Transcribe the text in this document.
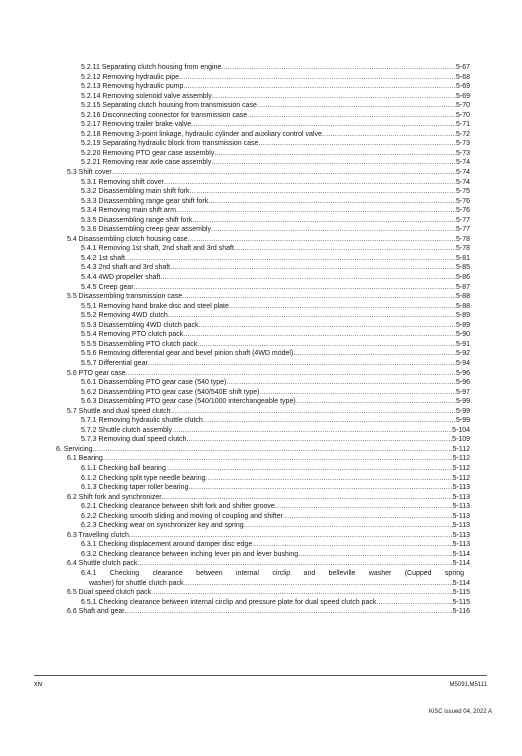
5.2.11 Separating clutch housing from engine .....	5-67
5.2.12 Removing hydraulic pipe .....	5-68
5.2.13 Removing hydraulic pump .....	5-69
5.2.14 Removing solenoid valve assembly .....	5-69
5.2.15 Separating clutch housing from transmission case .....	5-70
5.2.16 Disconnecting connector for transmission case .....	5-70
5.2.17 Removing trailer brake valve .....	5-71
5.2.18 Removing 3-point linkage, hydraulic cylinder and auxiliary control valve .....	5-72
5.2.19 Separating hydraulic block from transmission case .....	5-73
5.2.20 Removing PTO gear case assembly .....	5-73
5.2.21 Removing rear axle case assembly .....	5-74
5.3 Shift cover .....	5-74
5.3.1 Removing shift cover .....	5-74
5.3.2 Disassembling main shift fork .....	5-75
5.3.3 Disassembling range gear shift fork .....	5-76
5.3.4 Removing main shift arm .....	5-76
5.3.5 Disassembling range shift fork .....	5-77
5.3.6 Disassembling creep gear assembly .....	5-77
5.4 Disassembling clutch housing case .....	5-78
5.4.1 Removing 1st shaft, 2nd shaft and 3rd shaft .....	5-78
5.4.2 1st shaft .....	5-81
5.4.3 2nd shaft and 3rd shaft .....	5-85
5.4.4 4WD propeller shaft .....	5-86
5.4.5 Creep gear .....	5-87
5.5 Disassembling transmission case .....	5-88
5.5.1 Removing hand brake disc and steel plate .....	5-88
5.5.2 Removing 4WD clutch .....	5-89
5.5.3 Disassembling 4WD clutch pack .....	5-89
5.5.4 Removing PTO clutch pack .....	5-90
5.5.5 Disassembling PTO clutch pack .....	5-91
5.5.6 Removing differential gear and bevel pinion shaft (4WD model) .....	5-92
5.5.7 Differential gear .....	5-94
5.6 PTO gear case .....	5-96
5.6.1 Disassembling PTO gear case (540 type) .....	5-96
5.6.2 Disassembling PTO gear case (540/540E shift type) .....	5-97
5.6.3 Disassembling PTO gear case (540/1000 interchangeable type) .....	5-99
5.7 Shuttle and dual speed clutch .....	5-99
5.7.1 Removing hydraulic shuttle clutch .....	5-99
5.7.2 Shuttle clutch assembly .....	5-104
5.7.3 Removing dual speed clutch .....	5-109
6. Servicing .....	5-112
6.1 Bearing .....	5-112
6.1.1 Checking ball bearing .....	5-112
6.1.2 Checking split type needle bearing .....	5-112
6.1.3 Checking taper roller bearing .....	5-113
6.2 Shift fork and synchronizer .....	5-113
6.2.1 Checking clearance between shift fork and shifter groove .....	5-113
6.2.2 Checking smooth sliding and moving of coupling and shifter .....	5-113
6.2.3 Checking wear on synchronizer key and spring .....	5-113
6.3 Travelling clutch .....	5-113
6.3.1 Checking displacement around damper disc edge .....	5-113
6.3.2 Checking clearance between inching lever pin and lever bushing .....	5-114
6.4 Shuttle clutch pack .....	5-114
6.4.1 Checking clearance between internal circlip and belleville washer (Cupped spring
washer) for shuttle clutch pack .....	5-114
6.5 Dual speed clutch pack .....	5-115
6.5.1 Checking clearance between internal circlip and pressure plate for dual speed clutch pack .....	5-115
6.6 Shaft and gear .....	5-116
xiv	M5091,M5111
KiSC issued 04, 2022 A
